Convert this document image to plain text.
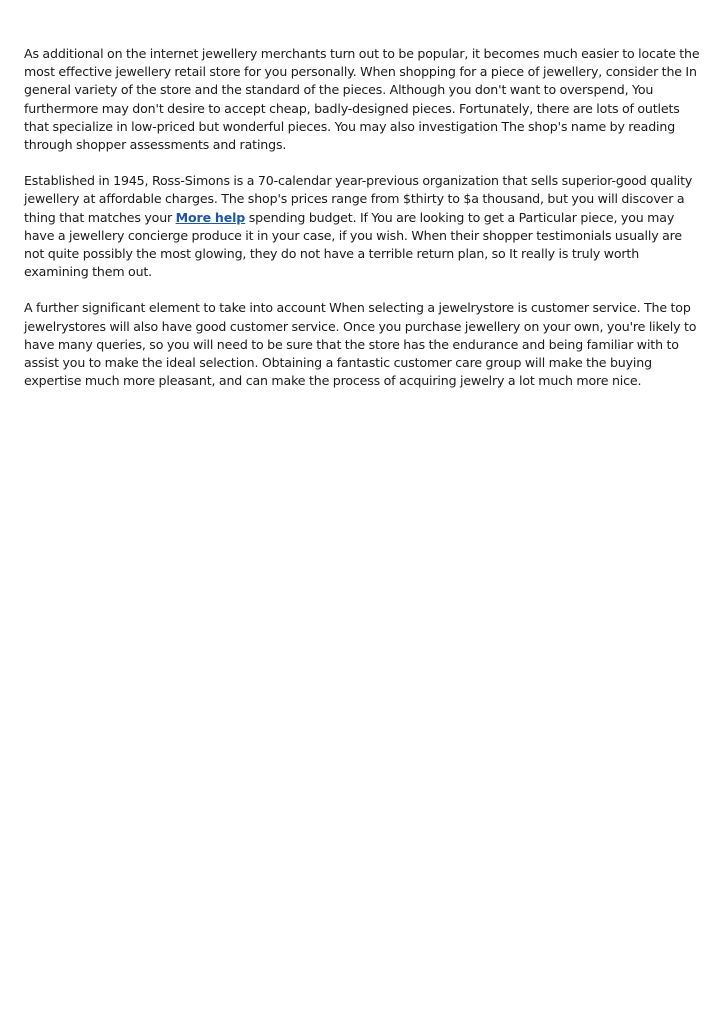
As additional on the internet jewellery merchants turn out to be popular, it becomes much easier to locate the most effective jewellery retail store for you personally. When shopping for a piece of jewellery, consider the In general variety of the store and the standard of the pieces. Although you don't want to overspend, You furthermore may don't desire to accept cheap, badly-designed pieces. Fortunately, there are lots of outlets that specialize in low-priced but wonderful pieces. You may also investigation The shop's name by reading through shopper assessments and ratings.

Established in 1945, Ross-Simons is a 70-calendar year-previous organization that sells superior-good quality jewellery at affordable charges. The shop's prices range from $thirty to $a thousand, but you will discover a thing that matches your More help spending budget. If You are looking to get a Particular piece, you may have a jewellery concierge produce it in your case, if you wish. When their shopper testimonials usually are not quite possibly the most glowing, they do not have a terrible return plan, so It really is truly worth examining them out.

A further significant element to take into account When selecting a jewelrystore is customer service. The top jewelrystores will also have good customer service. Once you purchase jewellery on your own, you're likely to have many queries, so you will need to be sure that the store has the endurance and being familiar with to assist you to make the ideal selection. Obtaining a fantastic customer care group will make the buying expertise much more pleasant, and can make the process of acquiring jewelry a lot much more nice.
